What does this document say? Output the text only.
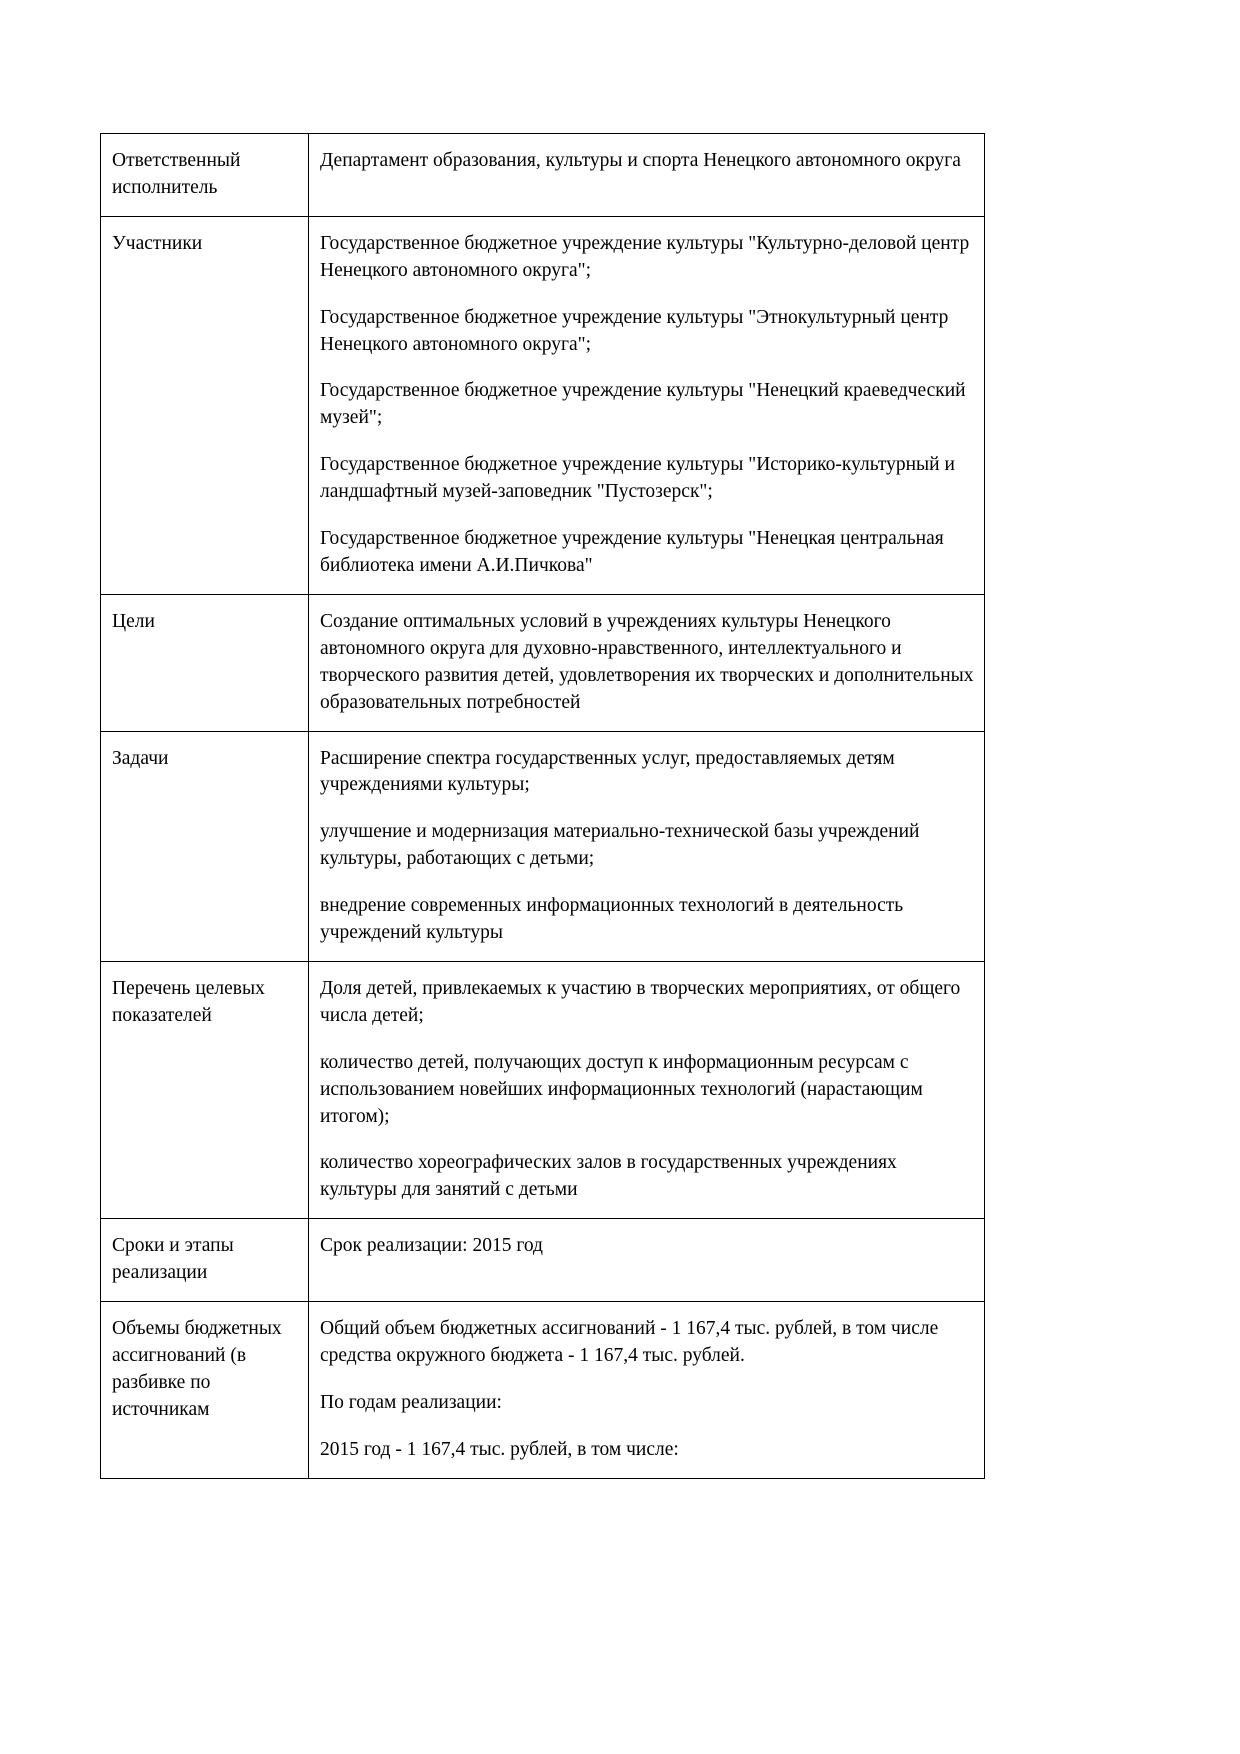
Ответственный исполнитель	Департамент образования, культуры и спорта Ненецкого автономного округа

Участники	Государственное бюджетное учреждение культуры "Культурно-деловой центр Ненецкого автономного округа";

Государственное бюджетное учреждение культуры "Этнокультурный центр Ненецкого автономного округа";

Государственное бюджетное учреждение культуры "Ненецкий краеведческий музей";

Государственное бюджетное учреждение культуры "Историко-культурный и ландшафтный музей-заповедник "Пустозерск";

Государственное бюджетное учреждение культуры "Ненецкая центральная библиотека имени А.И.Пичкова"

Цели	Создание оптимальных условий в учреждениях культуры Ненецкого автономного округа для духовно-нравственного, интеллектуального и творческого развития детей, удовлетворения их творческих и дополнительных образовательных потребностей

Задачи	Расширение спектра государственных услуг, предоставляемых детям учреждениями культуры;

улучшение и модернизация материально-технической базы учреждений культуры, работающих с детьми;

внедрение современных информационных технологий в деятельность учреждений культуры

Перечень целевых показателей	Доля детей, привлекаемых к участию в творческих мероприятиях, от общего числа детей;

количество детей, получающих доступ к информационным ресурсам с использованием новейших информационных технологий (нарастающим итогом);

количество хореографических залов в государственных учреждениях культуры для занятий с детьми

Сроки и этапы реализации	Срок реализации: 2015 год

Объемы бюджетных ассигнований (в разбивке по источникам	Общий объем бюджетных ассигнований - 1 167,4 тыс. рублей, в том числе средства окружного бюджета - 1 167,4 тыс. рублей.

По годам реализации:

2015 год - 1 167,4 тыс. рублей, в том числе:
